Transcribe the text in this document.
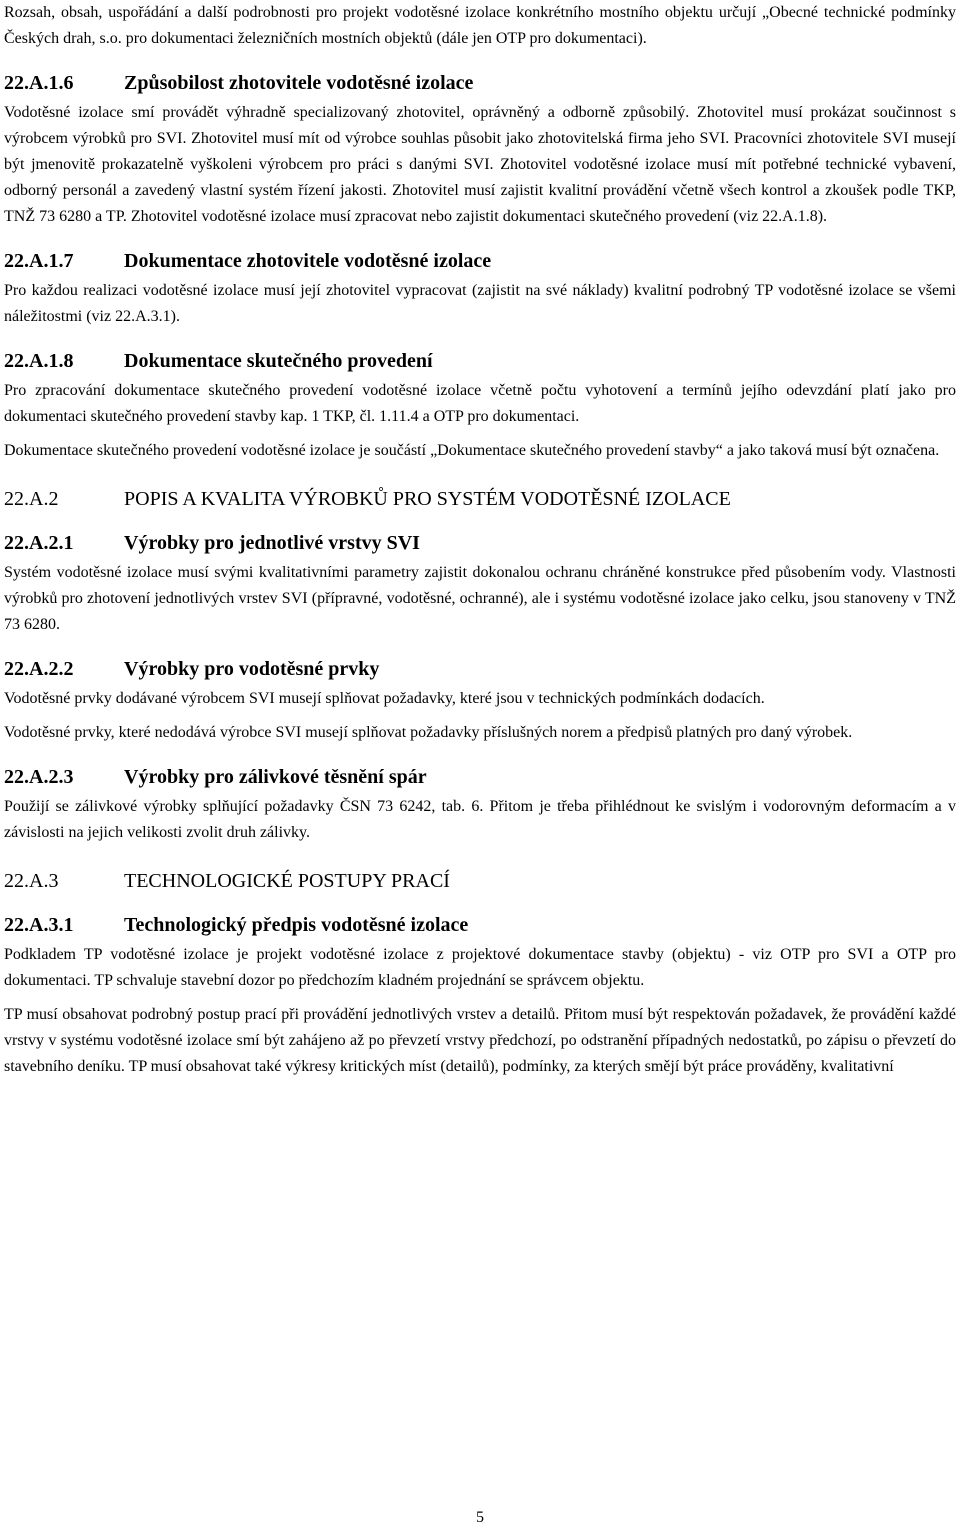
Rozsah, obsah, uspořádání a další podrobnosti pro projekt vodotěsné izolace konkrétního mostního objektu určují „Obecné technické podmínky Českých drah, s.o. pro dokumentaci železničních mostních objektů (dále jen OTP pro dokumentaci).

22.A.1.6	Způsobilost zhotovitele vodotěsné izolace

Vodotěsné izolace smí provádět výhradně specializovaný zhotovitel, oprávněný a odborně způsobilý. Zhotovitel musí prokázat součinnost s výrobcem výrobků pro SVI. Zhotovitel musí mít od výrobce souhlas působit jako zhotovitelská firma jeho SVI. Pracovníci zhotovitele SVI musejí být jmenovitě prokazatelně vyškoleni výrobcem pro práci s danými SVI. Zhotovitel vodotěsné izolace musí mít potřebné technické vybavení, odborný personál a zavedený vlastní systém řízení jakosti. Zhotovitel musí zajistit kvalitní provádění včetně všech kontrol a zkoušek podle TKP, TNŽ 73 6280 a TP. Zhotovitel vodotěsné izolace musí zpracovat nebo zajistit dokumentaci skutečného provedení (viz 22.A.1.8).

22.A.1.7	Dokumentace zhotovitele vodotěsné izolace

Pro každou realizaci vodotěsné izolace musí její zhotovitel vypracovat (zajistit na své náklady) kvalitní podrobný TP vodotěsné izolace se všemi náležitostmi (viz 22.A.3.1).

22.A.1.8	Dokumentace skutečného provedení

Pro zpracování dokumentace skutečného provedení vodotěsné izolace včetně počtu vyhotovení a termínů jejího odevzdání platí jako pro dokumentaci skutečného provedení stavby kap. 1 TKP, čl. 1.11.4 a OTP pro dokumentaci.

Dokumentace skutečného provedení vodotěsné izolace je součástí „Dokumentace skutečného provedení stavby“ a jako taková musí být označena.

22.A.2	POPIS A KVALITA VÝROBKŮ PRO SYSTÉM VODOTĚSNÉ IZOLACE
22.A.2.1	Výrobky pro jednotlivé vrstvy SVI

Systém vodotěsné izolace musí svými kvalitativními parametry zajistit dokonalou ochranu chráněné konstrukce před působením vody. Vlastnosti výrobků pro zhotovení jednotlivých vrstev SVI (přípravné, vodotěsné, ochranné), ale i systému vodotěsné izolace jako celku, jsou stanoveny v TNŽ 73 6280.

22.A.2.2	Výrobky pro vodotěsné prvky

Vodotěsné prvky dodávané výrobcem SVI musejí splňovat požadavky, které jsou v technických podmínkách dodacích.

Vodotěsné prvky, které nedodává výrobce SVI musejí splňovat požadavky příslušných norem a předpisů platných pro daný výrobek.

22.A.2.3	Výrobky pro zálivkové těsnění spár

Použijí se zálivkové výrobky splňující požadavky ČSN 73 6242, tab. 6. Přitom je třeba přihlédnout ke svislým i vodorovným deformacím a v závislosti na jejich velikosti zvolit druh zálivky.

22.A.3	TECHNOLOGICKÉ POSTUPY PRACÍ
22.A.3.1	Technologický předpis vodotěsné izolace

Podkladem TP vodotěsné izolace je projekt vodotěsné izolace z projektové dokumentace stavby (objektu) - viz OTP pro SVI a OTP pro dokumentaci. TP schvaluje stavební dozor po předchozím kladném projednání se správcem objektu.

TP musí obsahovat podrobný postup prací při provádění jednotlivých vrstev a detailů. Přitom musí být respektován požadavek, že provádění každé vrstvy v systému vodotěsné izolace smí být zahájeno až po převzetí vrstvy předchozí, po odstranění případných nedostatků, po zápisu o převzetí do stavebního deníku. TP musí obsahovat také výkresy kritických míst (detailů), podmínky, za kterých smějí být práce prováděny, kvalitativní

5
